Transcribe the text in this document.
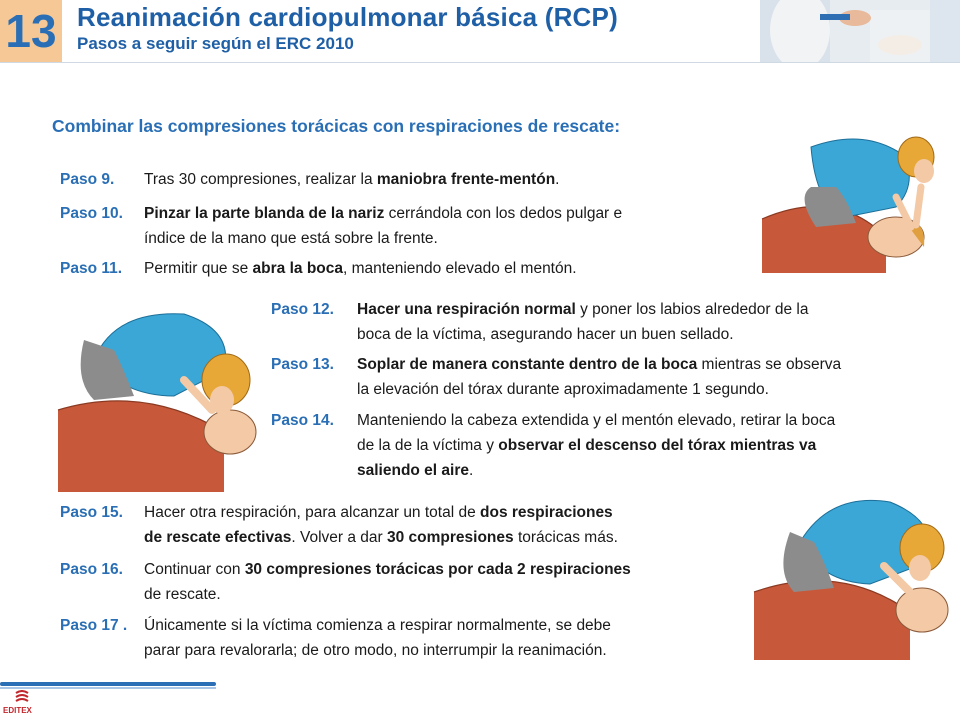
13 Reanimación cardiopulmonar básica (RCP)
Pasos a seguir según el ERC 2010
Combinar las compresiones torácicas con respiraciones de rescate:
Paso 9. Tras 30 compresiones, realizar la maniobra frente-mentón.
Paso 10. Pinzar la parte blanda de la nariz cerrándola con los dedos pulgar e
índice de la mano que está sobre la frente.
Paso 11. Permitir que se abra la boca, manteniendo elevado el mentón.
Paso 12. Hacer una respiración normal y poner los labios alrededor de la
boca de la víctima, asegurando hacer un buen sellado.
Paso 13. Soplar de manera constante dentro de la boca mientras se observa
la elevación del tórax durante aproximadamente 1 segundo.
Paso 14. Manteniendo la cabeza extendida y el mentón elevado, retirar la boca
de la de la víctima y observar el descenso del tórax mientras va
saliendo el aire.
Paso 15. Hacer otra respiración, para alcanzar un total de dos respiraciones
de rescate efectivas. Volver a dar 30 compresiones torácicas más.
Paso 16. Continuar con 30 compresiones torácicas por cada 2 respiraciones
de rescate.
Paso 17 . Únicamente si la víctima comienza a respirar normalmente, se debe
parar para revalorarla; de otro modo, no interrumpir la reanimación.
EDITEX
